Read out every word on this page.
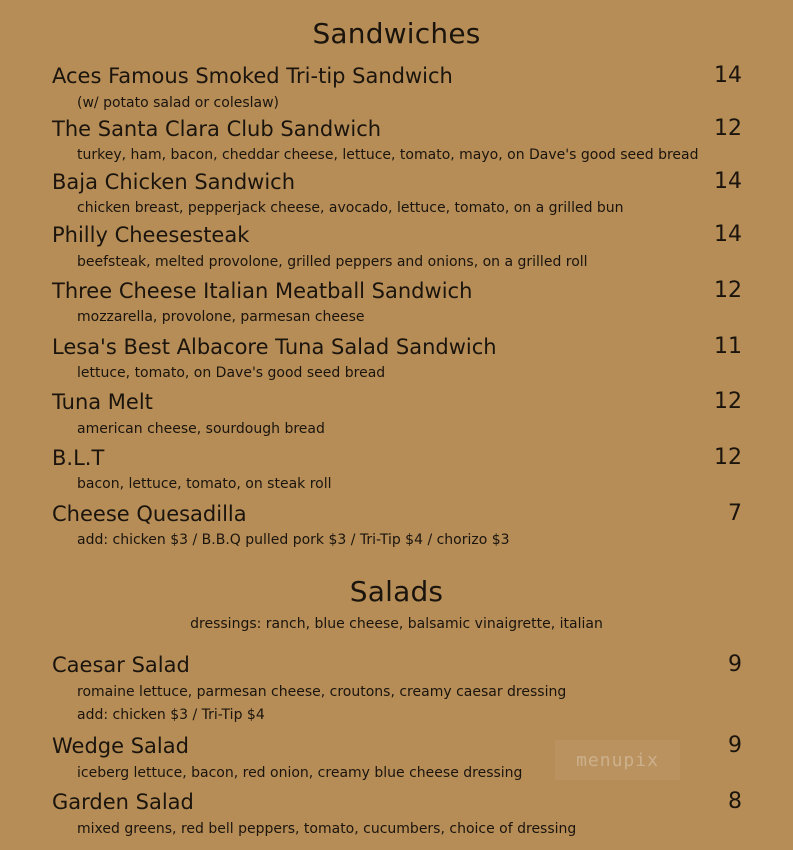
Sandwiches
Aces Famous Smoked Tri-tip Sandwich	14
(w/ potato salad or coleslaw)
The Santa Clara Club Sandwich	12
turkey, ham, bacon, cheddar cheese, lettuce, tomato, mayo, on Dave's good seed bread
Baja Chicken Sandwich	14
chicken breast, pepperjack cheese, avocado, lettuce, tomato, on a grilled bun
Philly Cheesesteak	14
beefsteak, melted provolone, grilled peppers and onions, on a grilled roll
Three Cheese Italian Meatball Sandwich	12
mozzarella, provolone, parmesan cheese
Lesa's Best Albacore Tuna Salad Sandwich	11
lettuce, tomato, on Dave's good seed bread
Tuna Melt	12
american cheese, sourdough bread
B.L.T	12
bacon, lettuce, tomato, on steak roll
Cheese Quesadilla	7
add: chicken $3 / B.B.Q pulled pork $3 / Tri-Tip $4 / chorizo $3
Salads
dressings: ranch, blue cheese, balsamic vinaigrette, italian
Caesar Salad	9
romaine lettuce, parmesan cheese, croutons, creamy caesar dressing
add: chicken $3 / Tri-Tip $4
Wedge Salad	9
iceberg lettuce, bacon, red onion, creamy blue cheese dressing
Garden Salad	8
mixed greens, red bell peppers, tomato, cucumbers, choice of dressing
menupix
